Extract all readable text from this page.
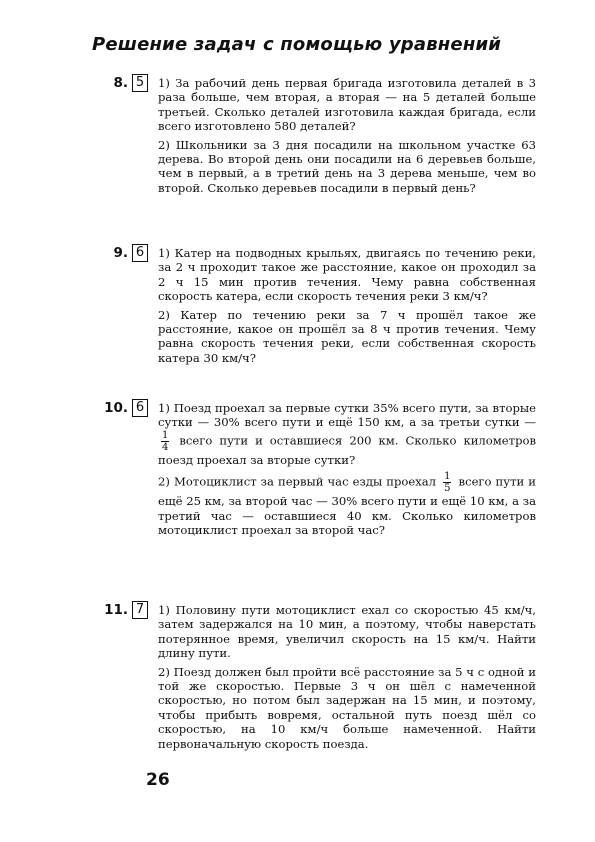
Решение задач с помощью уравнений
8. 5	1) За рабочий день первая бригада изготовила деталей в 3 раза больше, чем вторая, а вторая — на 5 деталей больше третьей. Сколько деталей изготовила каждая бригада, если всего изготовлено 580 деталей?

2) Школьники за 3 дня посадили на школьном участке 63 дерева. Во второй день они посадили на 6 деревьев больше, чем в первый, а в третий день на 3 дерева меньше, чем во второй. Сколько деревьев посадили в первый день?

9. 6	1) Катер на подводных крыльях, двигаясь по течению реки, за 2 ч проходит такое же расстояние, какое он проходил за 2 ч 15 мин против течения. Чему равна собственная скорость катера, если скорость течения реки 3 км/ч?

2) Катер по течению реки за 7 ч прошёл такое же расстояние, какое он прошёл за 8 ч против течения. Чему равна скорость течения реки, если собственная скорость катера 30 км/ч?

10. 6	1) Поезд проехал за первые сутки 35% всего пути, за вторые сутки — 30% всего пути и ещё 150 км, а за третьи сутки —
$\frac{1}{4}$ всего пути и оставшиеся 200 км. Сколько километров поезд проехал за вторые сутки?

2) Мотоциклист за первый час езды проехал $\frac{1}{5}$ всего пути и ещё 25 км, за второй час — 30% всего пути и ещё 10 км, а за третий час — оставшиеся 40 км. Сколько километров мотоциклист проехал за второй час?

11. 7	1) Половину пути мотоциклист ехал со скоростью 45 км/ч, затем задержался на 10 мин, а поэтому, чтобы наверстать потерянное время, увеличил скорость на 15 км/ч. Найти длину пути.

2) Поезд должен был пройти всё расстояние за 5 ч с одной и той же скоростью. Первые 3 ч он шёл с намеченной скоростью, но потом был задержан на 15 мин, и поэтому, чтобы прибыть вовремя, остальной путь поезд шёл со скоростью, на 10 км/ч больше намеченной. Найти первоначальную скорость поезда.

26
